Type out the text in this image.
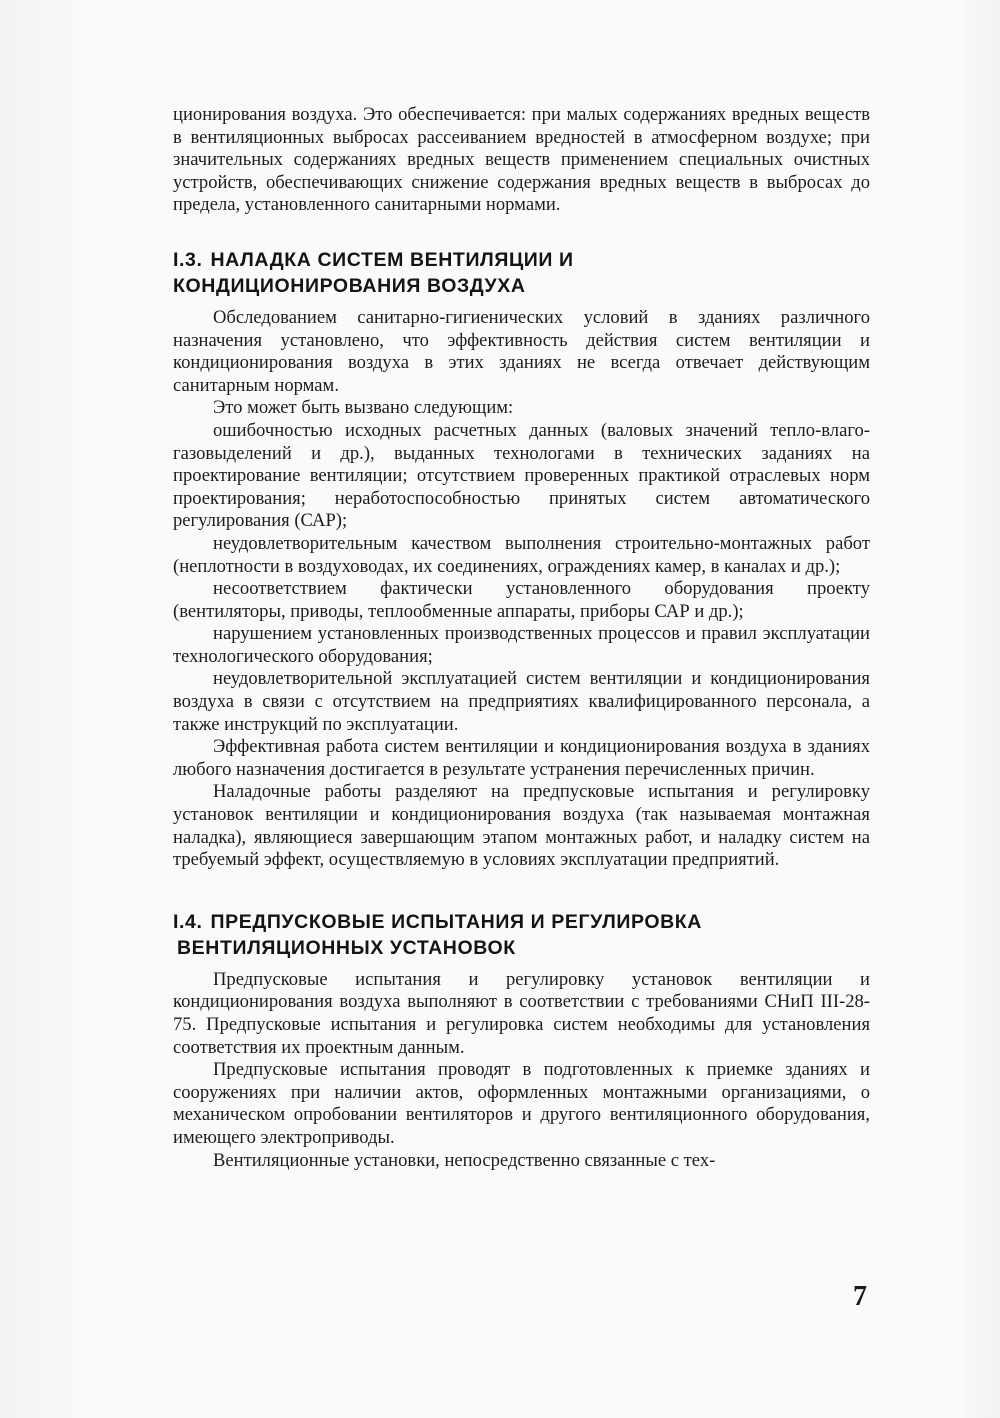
ционирования воздуха. Это обеспечивается: при малых содержаниях вредных веществ в вентиляционных выбросах рассеиванием вредностей в атмосферном воздухе; при значительных содержаниях вредных веществ применением специальных очистных устройств, обеспечивающих снижение содержания вредных веществ в выбросах до предела, установленного санитарными нормами.

I.3. НАЛАДКА СИСТЕМ ВЕНТИЛЯЦИИ И
КОНДИЦИОНИРОВАНИЯ ВОЗДУХА

Обследованием санитарно-гигиенических условий в зданиях различного назначения установлено, что эффективность действия систем вентиляции и кондиционирования воздуха в этих зданиях не всегда отвечает действующим санитарным нормам.

Это может быть вызвано следующим:

ошибочностью исходных расчетных данных (валовых значений тепло-влаго-газовыделений и др.), выданных технологами в технических заданиях на проектирование вентиляции; отсутствием проверенных практикой отраслевых норм проектирования; неработоспособностью принятых систем автоматического регулирования (САР);

неудовлетворительным качеством выполнения строительно-монтажных работ (неплотности в воздуховодах, их соединениях, ограждениях камер, в каналах и др.);

несоответствием фактически установленного оборудования проекту (вентиляторы, приводы, теплообменные аппараты, приборы САР и др.);

нарушением установленных производственных процессов и правил эксплуатации технологического оборудования;

неудовлетворительной эксплуатацией систем вентиляции и кондиционирования воздуха в связи с отсутствием на предприятиях квалифицированного персонала, а также инструкций по эксплуатации.

Эффективная работа систем вентиляции и кондиционирования воздуха в зданиях любого назначения достигается в результате устранения перечисленных причин.

Наладочные работы разделяют на предпусковые испытания и регулировку установок вентиляции и кондиционирования воздуха (так называемая монтажная наладка), являющиеся завершающим этапом монтажных работ, и наладку систем на требуемый эффект, осуществляемую в условиях эксплуатации предприятий.

I.4. ПРЕДПУСКОВЫЕ ИСПЫТАНИЯ И РЕГУЛИРОВКА
ВЕНТИЛЯЦИОННЫХ УСТАНОВОК

Предпусковые испытания и регулировку установок вентиляции и кондиционирования воздуха выполняют в соответствии с требованиями СНиП III-28-75. Предпусковые испытания и регулировка систем необходимы для установления соответствия их проектным данным.

Предпусковые испытания проводят в подготовленных к приемке зданиях и сооружениях при наличии актов, оформленных монтажными организациями, о механическом опробовании вентиляторов и другого вентиляционного оборудования, имеющего электроприводы.

Вентиляционные установки, непосредственно связанные с тех-

7
